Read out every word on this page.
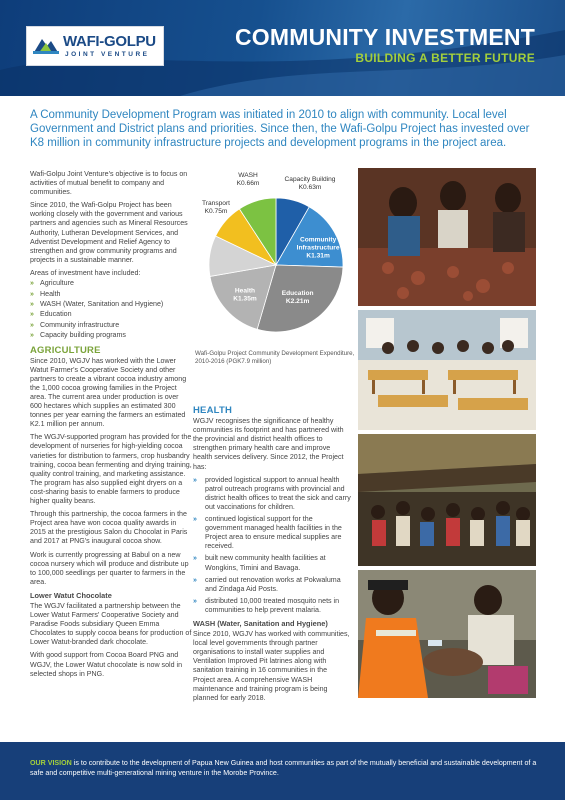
WAFI-GOLPU
JOINT VENTURE
COMMUNITY INVESTMENT
BUILDING A BETTER FUTURE
A Community Development Program was initiated in 2010 to align with community. Local level Government and District plans and priorities. Since then, the Wafi-Golpu Project has invested over K8 million in community infrastructure projects and development programs in the project area.

Wafi-Golpu Joint Venture's objective is to focus on activities of mutual benefit to company and communities.

Since 2010, the Wafi-Golpu Project has been working closely with the government and various partners and agencies such as Mineral Resources Authority, Lutheran Development Services, and Adventist Development and Relief Agency to strengthen and grow community programs and projects in a sustainable manner.

Areas of investment have included:

» Agriculture
» Health
» WASH (Water, Sanitation and Hygiene)
» Education
» Community infrastructure
» Capacity building programs
AGRICULTURE

Since 2010, WGJV has worked with the Lower Watut Farmer's Cooperative Society and other partners to create a vibrant cocoa industry among the 1,000 cocoa growing families in the Project area. The current area under production is over 600 hectares which supplies an estimated 300 tonnes per year earning the farmers an estimated K2.1 million per annum.

The WGJV-supported program has provided for the development of nurseries for high-yielding cocoa varieties for distribution to farmers, crop husbandry training, cocoa bean fermenting and drying training, quality control training, and marketing assistance. The program has also supplied eight dryers on a cost-sharing basis to enable farmers to produce higher quality beans.

Through this partnership, the cocoa farmers in the Project area have won cocoa quality awards in 2015 at the prestigious Salon du Chocolat in Paris and 2017 at PNG's inaugural cocoa show.

Work is currently progressing at Babul on a new cocoa nursery which will produce and distribute up to 100,000 seedlings per quarter to farmers in the area.

Lower Watut Chocolate

The WGJV facilitated a partnership between the Lower Watut Farmers' Cooperative Society and Paradise Foods subsidiary Queen Emma Chocolates to supply cocoa beans for production of Lower Watut-branded dark chocolate.

With good support from Cocoa Board PNG and WGJV, the Lower Watut chocolate is now sold in selected shops in PNG.

Capacity Building
K0.63m
Community
Infrastructure
K1.31m
Education
K2.21m
Health
K1.35m
Transport
K0.75m
WASH
K0.66m
Wafi-Golpu Project Community Development Expenditure, 2010-2016 (PGK7.9 million)
HEALTH

WGJV recognises the significance of healthy communities its footprint and has partnered with the provincial and district health offices to strengthen primary health care and improve health services delivery. Since 2012, the Project has:

» provided logistical support to annual health patrol outreach programs with provincial and district health offices to treat the sick and carry out vaccinations for children.
» continued logistical support for the government managed health facilities in the Project area to ensure medical supplies are received.
» built new community health facilities at Wongkins, Timini and Bavaga.
» carried out renovation works at Pokwaluma and Zindaga Aid Posts.
» distributed 10,000 treated mosquito nets in communities to help prevent malaria.
WASH (Water, Sanitation and Hygiene)

Since 2010, WGJV has worked with communities, local level governments through partner organisations to install water supplies and Ventilation Improved Pit latrines along with sanitation training in 16 communities in the Project area. A comprehensive WASH maintenance and training program is being planned for early 2018.

OUR VISION is to contribute to the development of Papua New Guinea and host communities as part of the mutually beneficial and sustainable development of a safe and competitive multi-generational mining venture in the Morobe Province.
